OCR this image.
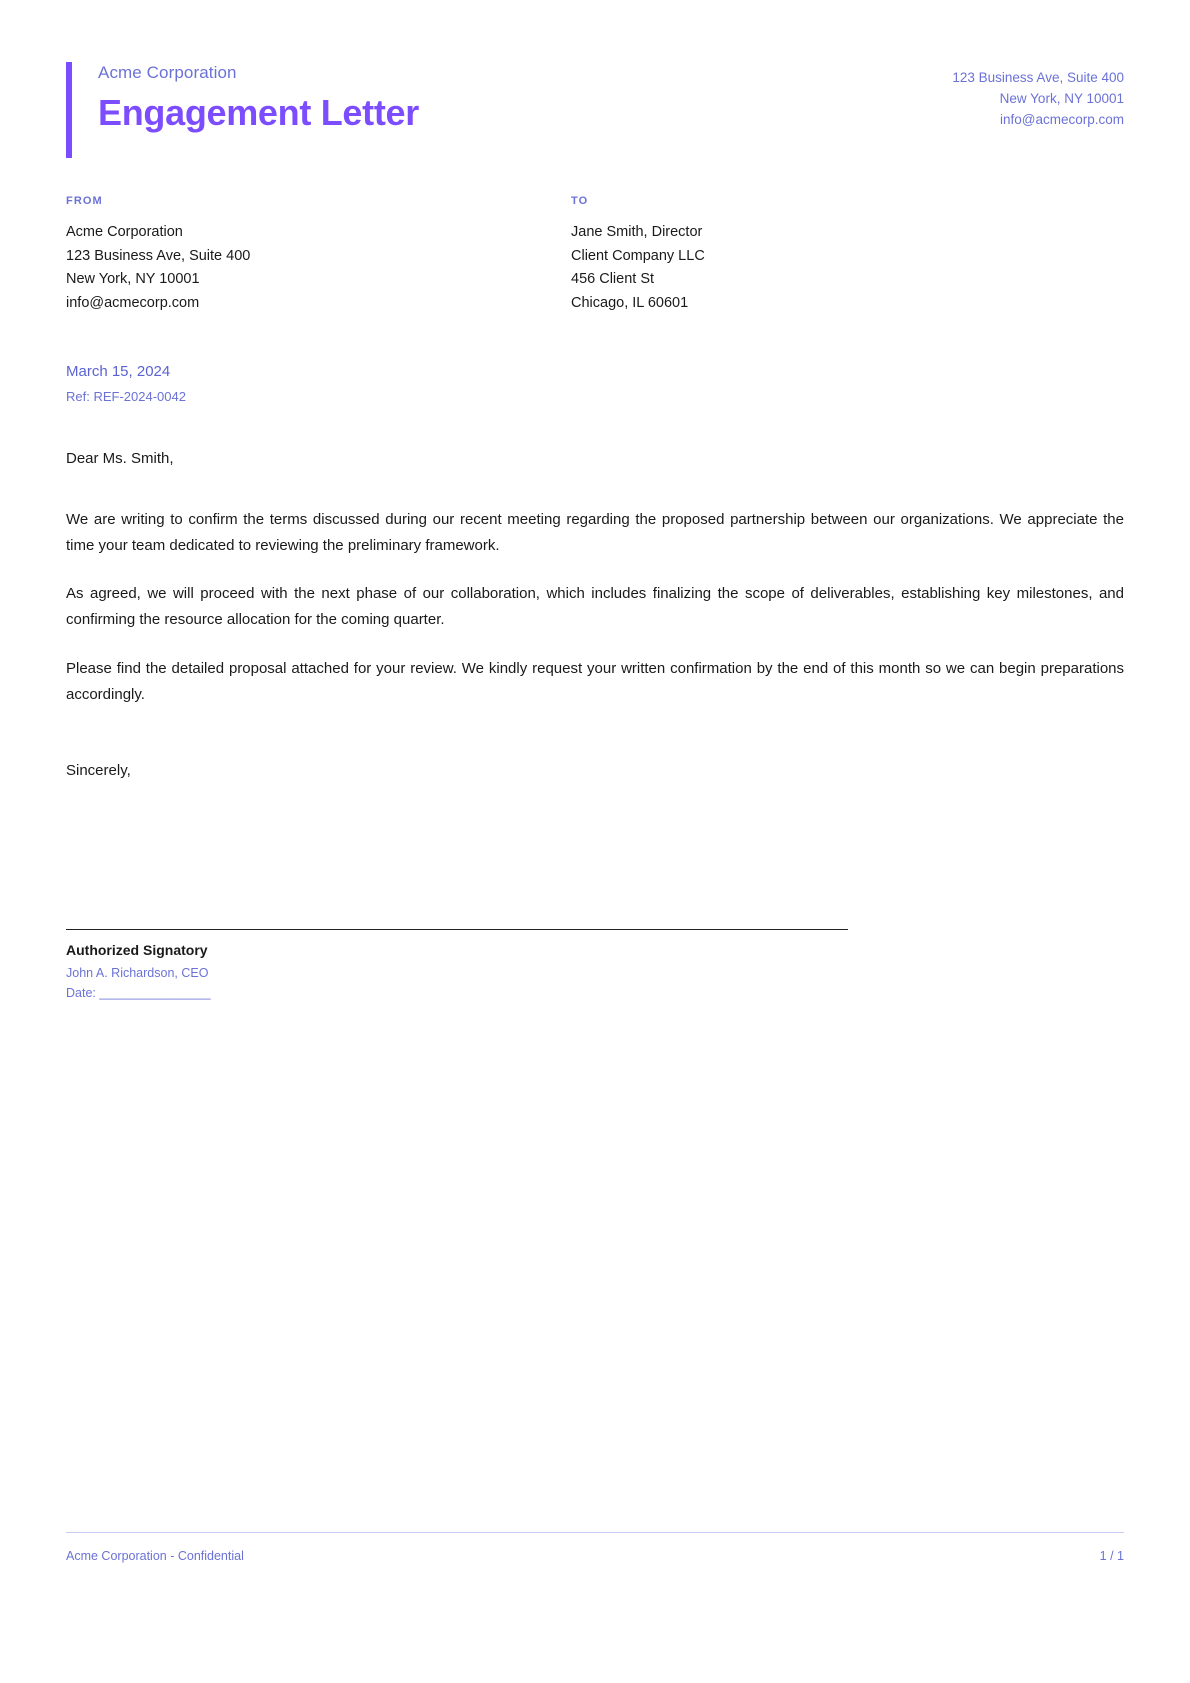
Acme Corporation
Engagement Letter
123 Business Ave, Suite 400
New York, NY 10001
info@acmecorp.com
FROM
Acme Corporation
123 Business Ave, Suite 400
New York, NY 10001
info@acmecorp.com
TO
Jane Smith, Director
Client Company LLC
456 Client St
Chicago, IL 60601
March 15, 2024
Ref: REF-2024-0042
Dear Ms. Smith,

We are writing to confirm the terms discussed during our recent meeting regarding the proposed partnership between our organizations. We appreciate the time your team dedicated to reviewing the preliminary framework.

As agreed, we will proceed with the next phase of our collaboration, which includes finalizing the scope of deliverables, establishing key milestones, and confirming the resource allocation for the coming quarter.

Please find the detailed proposal attached for your review. We kindly request your written confirmation by the end of this month so we can begin preparations accordingly.

Sincerely,
Authorized Signatory
John A. Richardson, CEO
Date: ________________
Acme Corporation - Confidential	1 / 1
